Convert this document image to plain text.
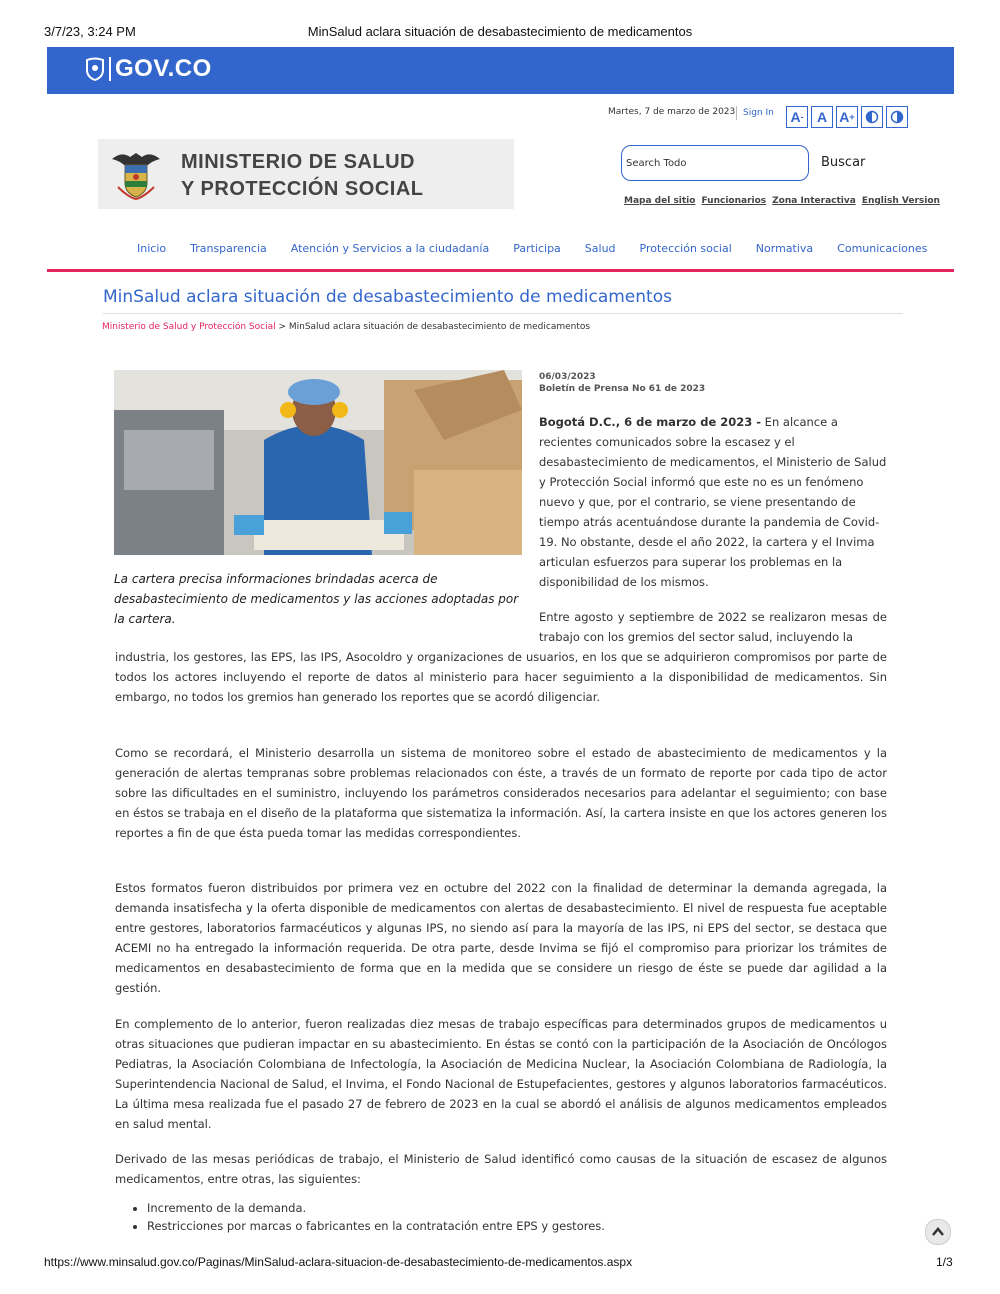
3/7/23, 3:24 PM	MinSalud aclara situación de desabastecimiento de medicamentos
GOV.CO
Martes, 7 de marzo de 2023 Sign In A - A A +
MINISTERIO DE SALUD
Y PROTECCIÓN SOCIAL
Search Todo	Buscar
Mapa del sitio Funcionarios Zona Interactiva English Version
Inicio Transparencia Atención y Servicios a la ciudadanía Participa Salud Protección social Normativa Comunicaciones
MinSalud aclara situación de desabastecimiento de medicamentos
Ministerio de Salud y Protección Social > MinSalud aclara situación de desabastecimiento de medicamentos
La cartera precisa informaciones brindadas acerca de desabastecimiento de medicamentos y las acciones adoptadas por la cartera.
06/03/2023
Boletín de Prensa No 61 de 2023
Bogotá D.C., 6 de marzo de 2023 - En alcance a recientes comunicados sobre la escasez y el desabastecimiento de medicamentos, el Ministerio de Salud y Protección Social informó que este no es un fenómeno nuevo y que, por el contrario, se viene presentando de tiempo atrás acentuándose durante la pandemia de Covid-19. No obstante, desde el año 2022, la cartera y el Invima articulan esfuerzos para superar los problemas en la disponibilidad de los mismos.
Entre agosto y septiembre de 2022 se realizaron mesas de trabajo con los gremios del sector salud, incluyendo la
industria, los gestores, las EPS, las IPS, Asocoldro y organizaciones de usuarios, en los que se adquirieron compromisos por parte de todos los actores incluyendo el reporte de datos al ministerio para hacer seguimiento a la disponibilidad de medicamentos. Sin embargo, no todos los gremios han generado los reportes que se acordó diligenciar.
Como se recordará, el Ministerio desarrolla un sistema de monitoreo sobre el estado de abastecimiento de medicamentos y la generación de alertas tempranas sobre problemas relacionados con éste, a través de un formato de reporte por cada tipo de actor sobre las dificultades en el suministro, incluyendo los parámetros considerados necesarios para adelantar el seguimiento; con base en éstos se trabaja en el diseño de la plataforma que sistematiza la información. Así, la cartera insiste en que los actores generen los reportes a fin de que ésta pueda tomar las medidas correspondientes.
Estos formatos fueron distribuidos por primera vez en octubre del 2022 con la finalidad de determinar la demanda agregada, la demanda insatisfecha y la oferta disponible de medicamentos con alertas de desabastecimiento. El nivel de respuesta fue aceptable entre gestores, laboratorios farmacéuticos y algunas IPS, no siendo así para la mayoría de las IPS, ni EPS del sector, se destaca que ACEMI no ha entregado la información requerida. De otra parte, desde Invima se fijó el compromiso para priorizar los trámites de medicamentos en desabastecimiento de forma que en la medida que se considere un riesgo de éste se puede dar agilidad a la gestión.
En complemento de lo anterior, fueron realizadas diez mesas de trabajo específicas para determinados grupos de medicamentos u otras situaciones que pudieran impactar en su abastecimiento. En éstas se contó con la participación de la Asociación de Oncólogos Pediatras, la Asociación Colombiana de Infectología, la Asociación de Medicina Nuclear, la Asociación Colombiana de Radiología, la Superintendencia Nacional de Salud, el Invima, el Fondo Nacional de Estupefacientes, gestores y algunos laboratorios farmacéuticos. La última mesa realizada fue el pasado 27 de febrero de 2023 en la cual se abordó el análisis de algunos medicamentos empleados en salud mental.
Derivado de las mesas periódicas de trabajo, el Ministerio de Salud identificó como causas de la situación de escasez de algunos medicamentos, entre otras, las siguientes:
• Incremento de la demanda.
• Restricciones por marcas o fabricantes en la contratación entre EPS y gestores.
https://www.minsalud.gov.co/Paginas/MinSalud-aclara-situacion-de-desabastecimiento-de-medicamentos.aspx	1/3
